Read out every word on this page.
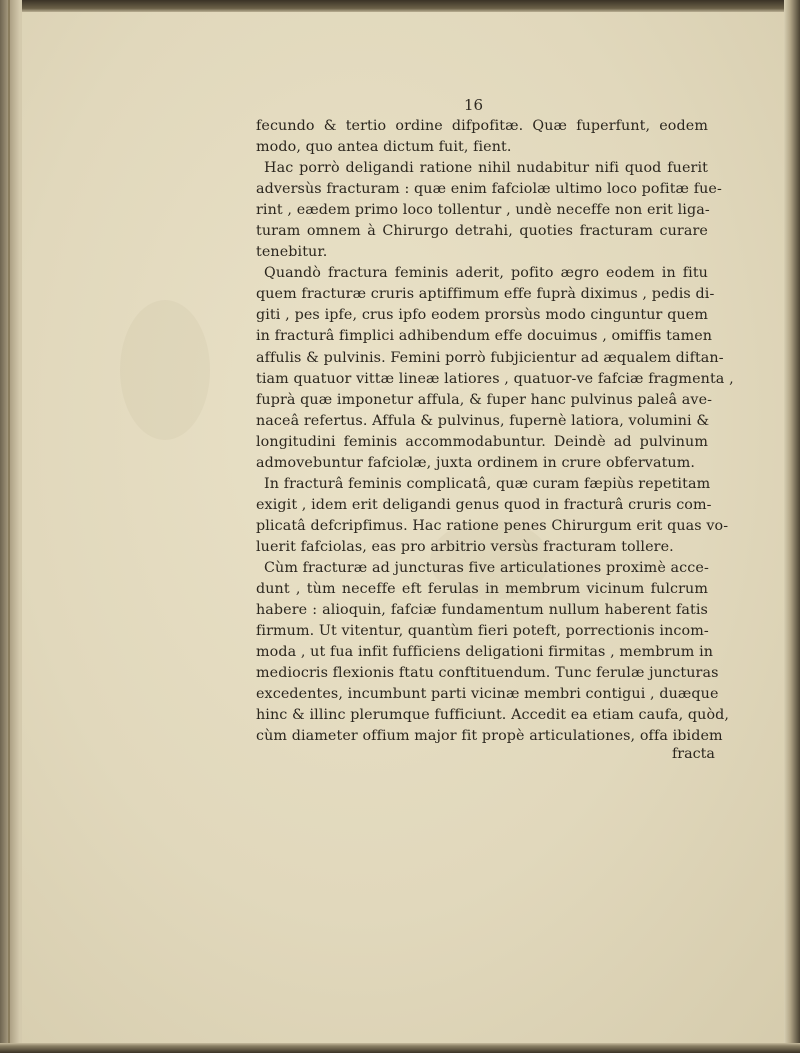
16
fecundo & tertio ordine difpofitæ. Quæ fuperfunt, eodem
modo, quo antea dictum fuit, fient.
Hac porrò deligandi ratione nihil nudabitur nifi quod fuerit
adversùs fracturam : quæ enim fafciolæ ultimo loco pofitæ fue-
rint , eædem primo loco tollentur , undè neceffe non erit liga-
turam omnem à Chirurgo detrahi, quoties fracturam curare
tenebitur.
Quandò fractura feminis aderit, pofito ægro eodem in fitu
quem fracturæ cruris aptiffimum effe fuprà diximus , pedis di-
giti , pes ipfe, crus ipfo eodem prorsùs modo cinguntur quem
in fracturâ fimplici adhibendum effe docuimus , omiffis tamen
affulis & pulvinis. Femini porrò fubjicientur ad æqualem diftan-
tiam quatuor vittæ lineæ latiores , quatuor-ve fafciæ fragmenta ,
fuprà quæ imponetur affula, & fuper hanc pulvinus paleâ ave-
naceâ refertus. Affula & pulvinus, fupernè latiora, volumini &
longitudini feminis accommodabuntur. Deindè ad pulvinum
admovebuntur fafciolæ, juxta ordinem in crure obfervatum.
In fracturâ feminis complicatâ, quæ curam fæpiùs repetitam
exigit , idem erit deligandi genus quod in fracturâ cruris com-
plicatâ defcripfimus. Hac ratione penes Chirurgum erit quas vo-
luerit fafciolas, eas pro arbitrio versùs fracturam tollere.
Cùm fracturæ ad juncturas five articulationes proximè acce-
dunt , tùm neceffe eft ferulas in membrum vicinum fulcrum
habere : alioquin, fafciæ fundamentum nullum haberent fatis
firmum. Ut vitentur, quantùm fieri poteft, porrectionis incom-
moda , ut fua infit fufficiens deligationi firmitas , membrum in
mediocris flexionis ftatu conftituendum. Tunc ferulæ juncturas
excedentes, incumbunt parti vicinæ membri contigui , duæque
hinc & illinc plerumque fufficiunt. Accedit ea etiam caufa, quòd,
cùm diameter offium major fit propè articulationes, offa ibidem
fracta
